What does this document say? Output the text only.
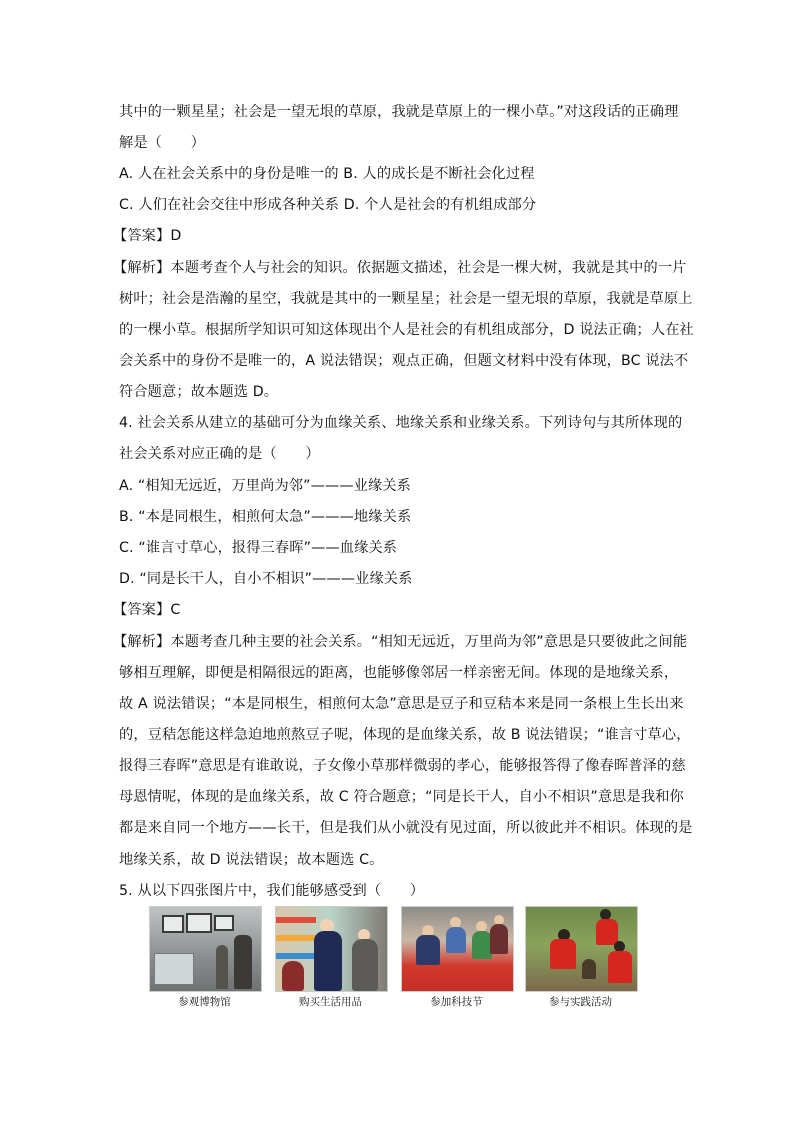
其中的一颗星星；社会是一望无垠的草原，我就是草原上的一棵小草。”对这段话的正确理
解是（　　）
A. 人在社会关系中的身份是唯一的 B. 人的成长是不断社会化过程
C. 人们在社会交往中形成各种关系 D. 个人是社会的有机组成部分
【答案】D
【解析】本题考查个人与社会的知识。依据题文描述，社会是一棵大树，我就是其中的一片
树叶；社会是浩瀚的星空，我就是其中的一颗星星；社会是一望无垠的草原，我就是草原上
的一棵小草。根据所学知识可知这体现出个人是社会的有机组成部分，D 说法正确；人在社
会关系中的身份不是唯一的，A 说法错误；观点正确，但题文材料中没有体现，BC 说法不
符合题意；故本题选 D。
4. 社会关系从建立的基础可分为血缘关系、地缘关系和业缘关系。下列诗句与其所体现的
社会关系对应正确的是（　　）
A. “相知无远近，万里尚为邻”———业缘关系
B. “本是同根生，相煎何太急”———地缘关系
C. “谁言寸草心，报得三春晖”——血缘关系
D. “同是长干人，自小不相识”———业缘关系
【答案】C
【解析】本题考查几种主要的社会关系。“相知无远近，万里尚为邻”意思是只要彼此之间能
够相互理解，即便是相隔很远的距离，也能够像邻居一样亲密无间。体现的是地缘关系，
故 A 说法错误；“本是同根生，相煎何太急”意思是豆子和豆秸本来是同一条根上生长出来
的，豆秸怎能这样急迫地煎熬豆子呢，体现的是血缘关系，故 B 说法错误；“谁言寸草心，
报得三春晖”意思是有谁敢说，子女像小草那样微弱的孝心，能够报答得了像春晖普泽的慈
母恩情呢，体现的是血缘关系，故 C 符合题意；“同是长干人，自小不相识”意思是我和你
都是来自同一个地方——长干，但是我们从小就没有见过面，所以彼此并不相识。体现的是
地缘关系，故 D 说法错误；故本题选 C。
5. 从以下四张图片中，我们能够感受到（　　）
参观博物馆	购买生活用品	参加科技节	参与实践活动
